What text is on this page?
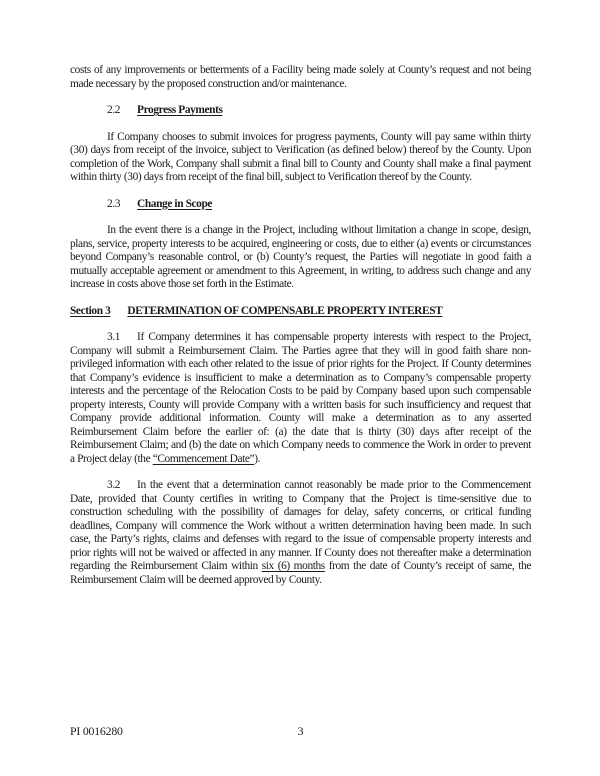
costs of any improvements or betterments of a Facility being made solely at County’s request and not being made necessary by the proposed construction and/or maintenance.

2.2 Progress Payments

If Company chooses to submit invoices for progress payments, County will pay same within thirty (30) days from receipt of the invoice, subject to Verification (as defined below) thereof by the County. Upon completion of the Work, Company shall submit a final bill to County and County shall make a final payment within thirty (30) days from receipt of the final bill, subject to Verification thereof by the County.

2.3 Change in Scope

In the event there is a change in the Project, including without limitation a change in scope, design, plans, service, property interests to be acquired, engineering or costs, due to either (a) events or circumstances beyond Company’s reasonable control, or (b) County’s request, the Parties will negotiate in good faith a mutually acceptable agreement or amendment to this Agreement, in writing, to address such change and any increase in costs above those set forth in the Estimate.

Section 3 DETERMINATION OF COMPENSABLE PROPERTY INTEREST

3.1 If Company determines it has compensable property interests with respect to the Project, Company will submit a Reimbursement Claim. The Parties agree that they will in good faith share non-privileged information with each other related to the issue of prior rights for the Project. If County determines that Company’s evidence is insufficient to make a determination as to Company’s compensable property interests and the percentage of the Relocation Costs to be paid by Company based upon such compensable property interests, County will provide Company with a written basis for such insufficiency and request that Company provide additional information. County will make a determination as to any asserted Reimbursement Claim before the earlier of: (a) the date that is thirty (30) days after receipt of the Reimbursement Claim; and (b) the date on which Company needs to commence the Work in order to prevent a Project delay (the “Commencement Date”).

3.2 In the event that a determination cannot reasonably be made prior to the Commencement Date, provided that County certifies in writing to Company that the Project is time-sensitive due to construction scheduling with the possibility of damages for delay, safety concerns, or critical funding deadlines, Company will commence the Work without a written determination having been made. In such case, the Party’s rights, claims and defenses with regard to the issue of compensable property interests and prior rights will not be waived or affected in any manner. If County does not thereafter make a determination regarding the Reimbursement Claim within six (6) months from the date of County’s receipt of same, the Reimbursement Claim will be deemed approved by County.

PI 0016280	3
